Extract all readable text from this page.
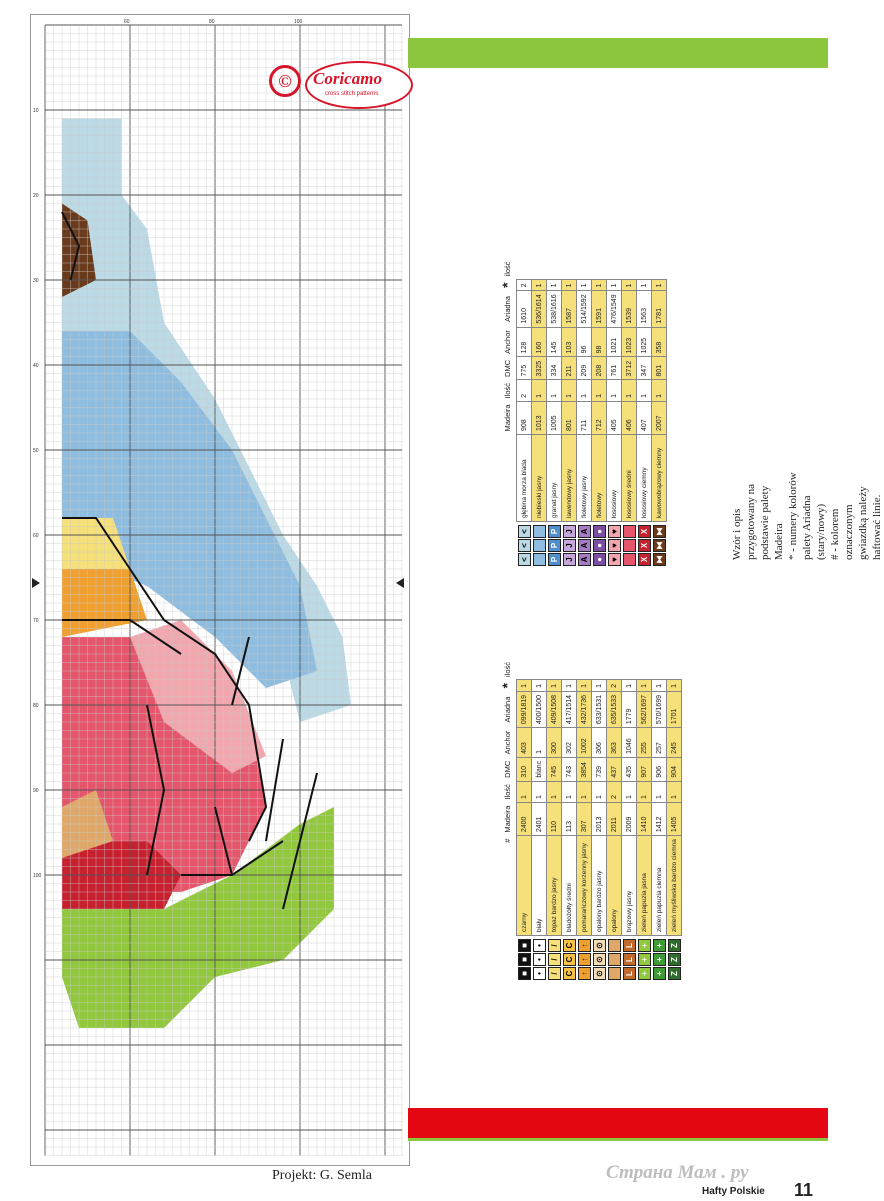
60	80	100
10
20
30
40
50
60
70
80
90
100
©	Coricamo
cross stitch patterns
	#	Madeira	Ilość	DMC	Anchor	Ariadna	*	ilość
■■■	czarny	2400	1	310	403	099/1819	1	
•••	biały	2401	1	blanc	1	400/1500	1	
///	topaz bardzo jasny	110	1	745	300	409/1508	1	
CCC	bladożółty średni	113	1	743	302	417/1514	1	
↑↑↑	pomarańczowy korzenny jasny	307	1	3854	1002	432/1736	1	
⊙⊙⊙	opalony bardzo jasny	2013	1	739	366	633/1531	1	
	opalony	2011	2	437	363	635/1533	2	
LLL	brązowy jasny	2009	1	435	1046	1779	1	
+++	zieleń papuzia jasna	1410	1	907	255	562/1697	1	
+++	zieleń papuzia ciemna	1412	1	906	257	570/1699	1	
ZZZ	zieleń myśliwska bardzo ciemna	1405	1	904	245	1701	1	
		Madeira	Ilość	DMC	Anchor	Ariadna	*	ilość
<<<	głębina morza blada	908	2	775	128	1610	2	
	niebieski jasny	1013	1	3325	160	536/1614	1	
PPP	granat jasny	1005	1	334	145	538/1616	1	
JJJ	lawendowy jasny	801	1	211	103	1587	1	
AAA	fioletowy jasny	711	1	209	96	514/1592	1	
●●●	fioletowy	712	1	208	98	1591	1	
♥♥♥	łososiowy	405	1	761	1021	476/1549	1	
	łososiowy średni	406	1	3712	1023	1539	1	
XXX	łososiowy ciemny	407	1	347	1025	1563	1	
⧓⧓⧓	kawowobrązowy ciemny	2007	1	801	358	1781	1	
Wzór i opis przygotowany na podstawie palety Madeira * - numery kolorów palety Ariadna (stary/nowy) # - kolorem oznaczonym gwiazdką należy haftować linie.
Projekt: G. Semla	Страна Мам . ру
Hafty Polskie 11
